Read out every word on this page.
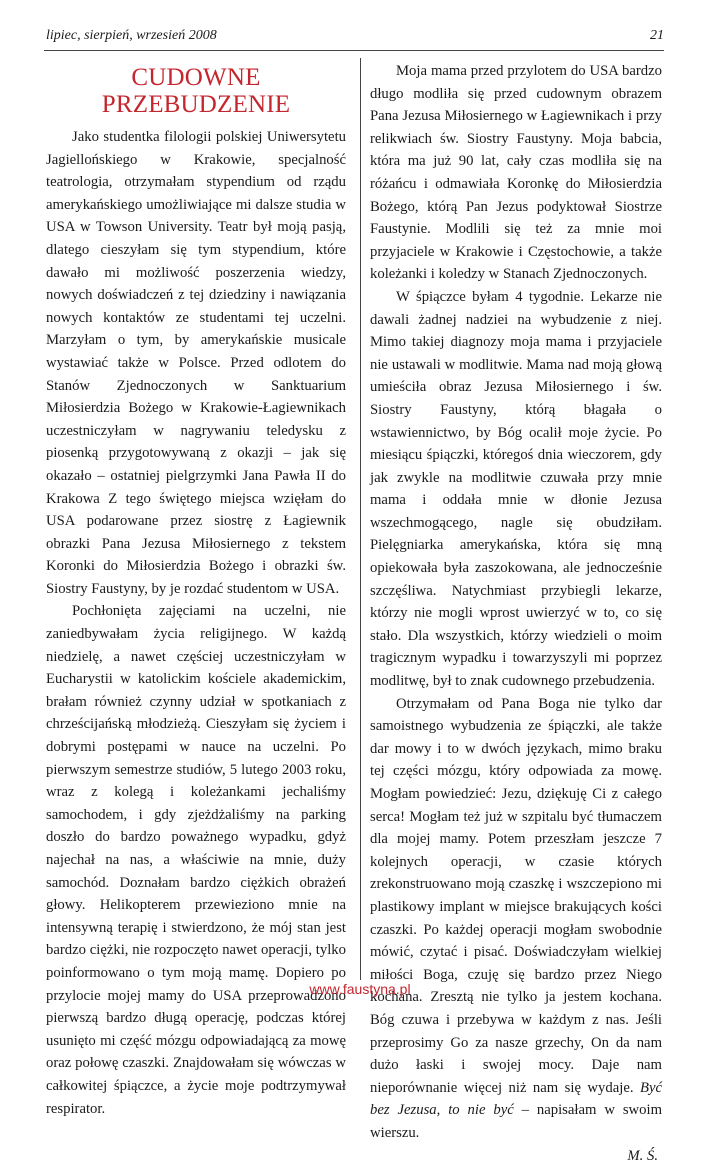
lipiec, sierpień, wrzesień 2008	21
CUDOWNE
PRZEBUDZENIE

Jako studentka filologii polskiej Uniwersytetu Jagiellońskiego w Krakowie, specjalność teatrologia, otrzymałam stypendium od rządu amerykańskiego umożliwiające mi dalsze studia w USA w Towson University. Teatr był moją pasją, dlatego cieszyłam się tym stypendium, które dawało mi możliwość poszerzenia wiedzy, nowych doświadczeń z tej dziedziny i nawiązania nowych kontaktów ze studentami tej uczelni. Marzyłam o tym, by amerykańskie musicale wystawiać także w Polsce. Przed odlotem do Stanów Zjednoczonych w Sanktuarium Miłosierdzia Bożego w Krakowie-Łagiewnikach uczestniczyłam w nagrywaniu teledysku z piosenką przygotowywaną z okazji – jak się okazało – ostatniej pielgrzymki Jana Pawła II do Krakowa Z tego świętego miejsca wzięłam do USA podarowane przez siostrę z Łagiewnik obrazki Pana Jezusa Miłosiernego z tekstem Koronki do Miłosierdzia Bożego i obrazki św. Siostry Faustyny, by je rozdać studentom w USA.

Pochłonięta zajęciami na uczelni, nie zaniedbywałam życia religijnego. W każdą niedzielę, a nawet częściej uczestniczyłam w Eucharystii w katolickim kościele akademickim, brałam również czynny udział w spotkaniach z chrześcijańską młodzieżą. Cieszyłam się życiem i dobrymi postępami w nauce na uczelni. Po pierwszym semestrze studiów, 5 lutego 2003 roku, wraz z kolegą i koleżankami jechaliśmy samochodem, i gdy zjeżdżaliśmy na parking doszło do bardzo poważnego wypadku, gdyż najechał na nas, a właściwie na mnie, duży samochód. Doznałam bardzo ciężkich obrażeń głowy. Helikopterem przewieziono mnie na intensywną terapię i stwierdzono, że mój stan jest bardzo ciężki, nie rozpoczęto nawet operacji, tylko poinformowano o tym moją mamę. Dopiero po przylocie mojej mamy do USA przeprowadzono pierwszą bardzo długą operację, podczas której usunięto mi część mózgu odpowiadającą za mowę oraz połowę czaszki. Znajdowałam się wówczas w całkowitej śpiączce, a życie moje podtrzymywał respirator.

Moja mama przed przylotem do USA bardzo długo modliła się przed cudownym obrazem Pana Jezusa Miłosiernego w Łagiewnikach i przy relikwiach św. Siostry Faustyny. Moja babcia, która ma już 90 lat, cały czas modliła się na różańcu i odmawiała Koronkę do Miłosierdzia Bożego, którą Pan Jezus podyktował Siostrze Faustynie. Modlili się też za mnie moi przyjaciele w Krakowie i Częstochowie, a także koleżanki i koledzy w Stanach Zjednoczonych.

W śpiączce byłam 4 tygodnie. Lekarze nie dawali żadnej nadziei na wybudzenie z niej. Mimo takiej diagnozy moja mama i przyjaciele nie ustawali w modlitwie. Mama nad moją głową umieściła obraz Jezusa Miłosiernego i św. Siostry Faustyny, którą błagała o wstawiennictwo, by Bóg ocalił moje życie. Po miesiącu śpiączki, któregoś dnia wieczorem, gdy jak zwykle na modlitwie czuwała przy mnie mama i oddała mnie w dłonie Jezusa wszechmogącego, nagle się obudziłam. Pielęgniarka amerykańska, która się mną opiekowała była zaszokowana, ale jednocześnie szczęśliwa. Natychmiast przybiegli lekarze, którzy nie mogli wprost uwierzyć w to, co się stało. Dla wszystkich, którzy wiedzieli o moim tragicznym wypadku i towarzyszyli mi poprzez modlitwę, był to znak cudownego przebudzenia.

Otrzymałam od Pana Boga nie tylko dar samoistnego wybudzenia ze śpiączki, ale także dar mowy i to w dwóch językach, mimo braku tej części mózgu, który odpowiada za mowę. Mogłam powiedzieć: Jezu, dziękuję Ci z całego serca! Mogłam też już w szpitalu być tłumaczem dla mojej mamy. Potem przeszłam jeszcze 7 kolejnych operacji, w czasie których zrekonstruowano moją czaszkę i wszczepiono mi plastikowy implant w miejsce brakujących kości czaszki. Po każdej operacji mogłam swobodnie mówić, czytać i pisać. Doświadczyłam wielkiej miłości Boga, czuję się bardzo przez Niego kochana. Zresztą nie tylko ja jestem kochana. Bóg czuwa i przebywa w każdym z nas. Jeśli przeprosimy Go za nasze grzechy, On da nam dużo łaski i swojej mocy. Daje nam nieporównanie więcej niż nam się wydaje. Być bez Jezusa, to nie być – napisałam w swoim wierszu.

M. Ś.
www.faustyna.pl
